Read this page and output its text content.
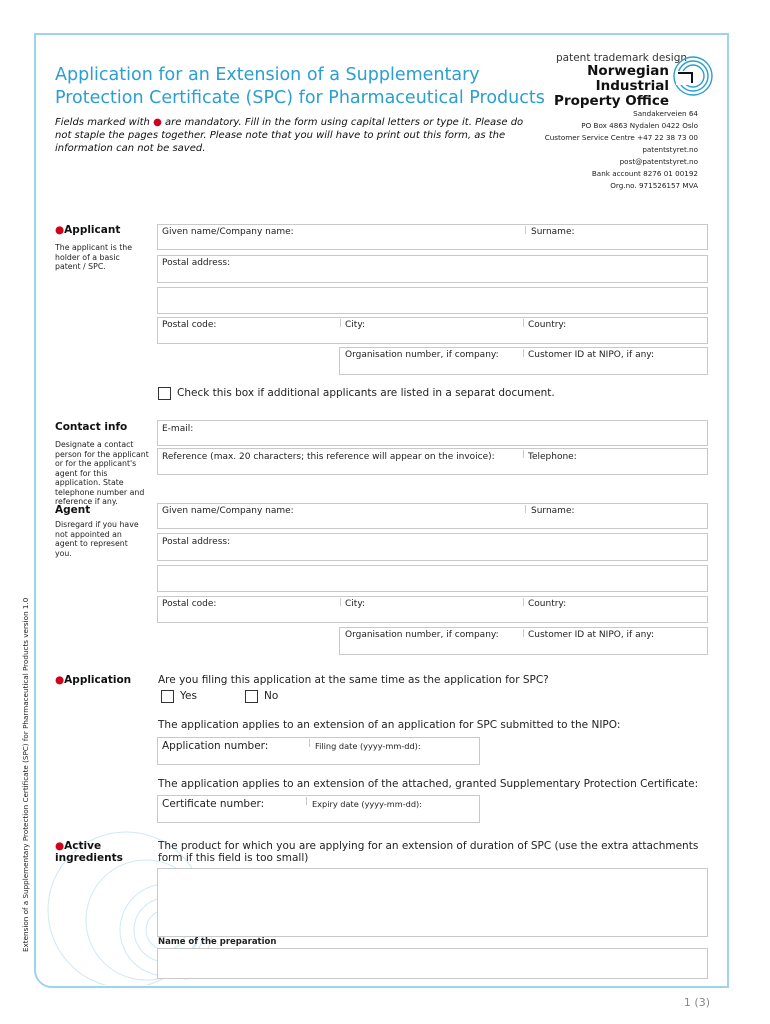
Application for an Extension of a Supplementary
Protection Certificate (SPC) for Pharmaceutical Products
Fields marked with ● are mandatory. Fill in the form using capital letters or type it. Please do not staple the pages together. Please note that you will have to print out this form, as the information can not be saved.
patent trademark design
Norwegian Industrial
Property Office
Sandakerveien 64
PO Box 4863 Nydalen 0422 Oslo
Customer Service Centre +47 22 38 73 00
patentstyret.no
post@patentstyret.no
Bank account 8276 01 00192
Org.no. 971526157 MVA
●Applicant
The applicant is the holder of a basic patent / SPC.
Given name/Company name:	Surname:
Postal address:
Postal code:	City:	Country:
Organisation number, if company:	Customer ID at NIPO, if any:
Check this box if additional applicants are listed in a separat document.
Contact info
Designate a contact person for the applicant or for the applicant's agent for this application. State telephone number and reference if any.
E-mail:
Reference (max. 20 characters; this reference will appear on the invoice):	Telephone:
Agent
Disregard if you have not appointed an agent to represent you.
Given name/Company name:	Surname:
Postal address:
Postal code:	City:	Country:
Organisation number, if company:	Customer ID at NIPO, if any:
●Application	Are you filing this application at the same time as the application for SPC?
Yes	No
The application applies to an extension of an application for SPC submitted to the NIPO:
Application number:	Filing date (yyyy-mm-dd):
The application applies to an extension of the attached, granted Supplementary Protection Certificate:
Certificate number:	Expiry date (yyyy-mm-dd):
●Active
ingredients
The product for which you are applying for an extension of duration of SPC (use the extra attachments form if this field is too small)
Name of the preparation
Extension of a Supplementary Protection Certificate (SPC) for Pharmaceutical Products version 1.0
1 (3)
